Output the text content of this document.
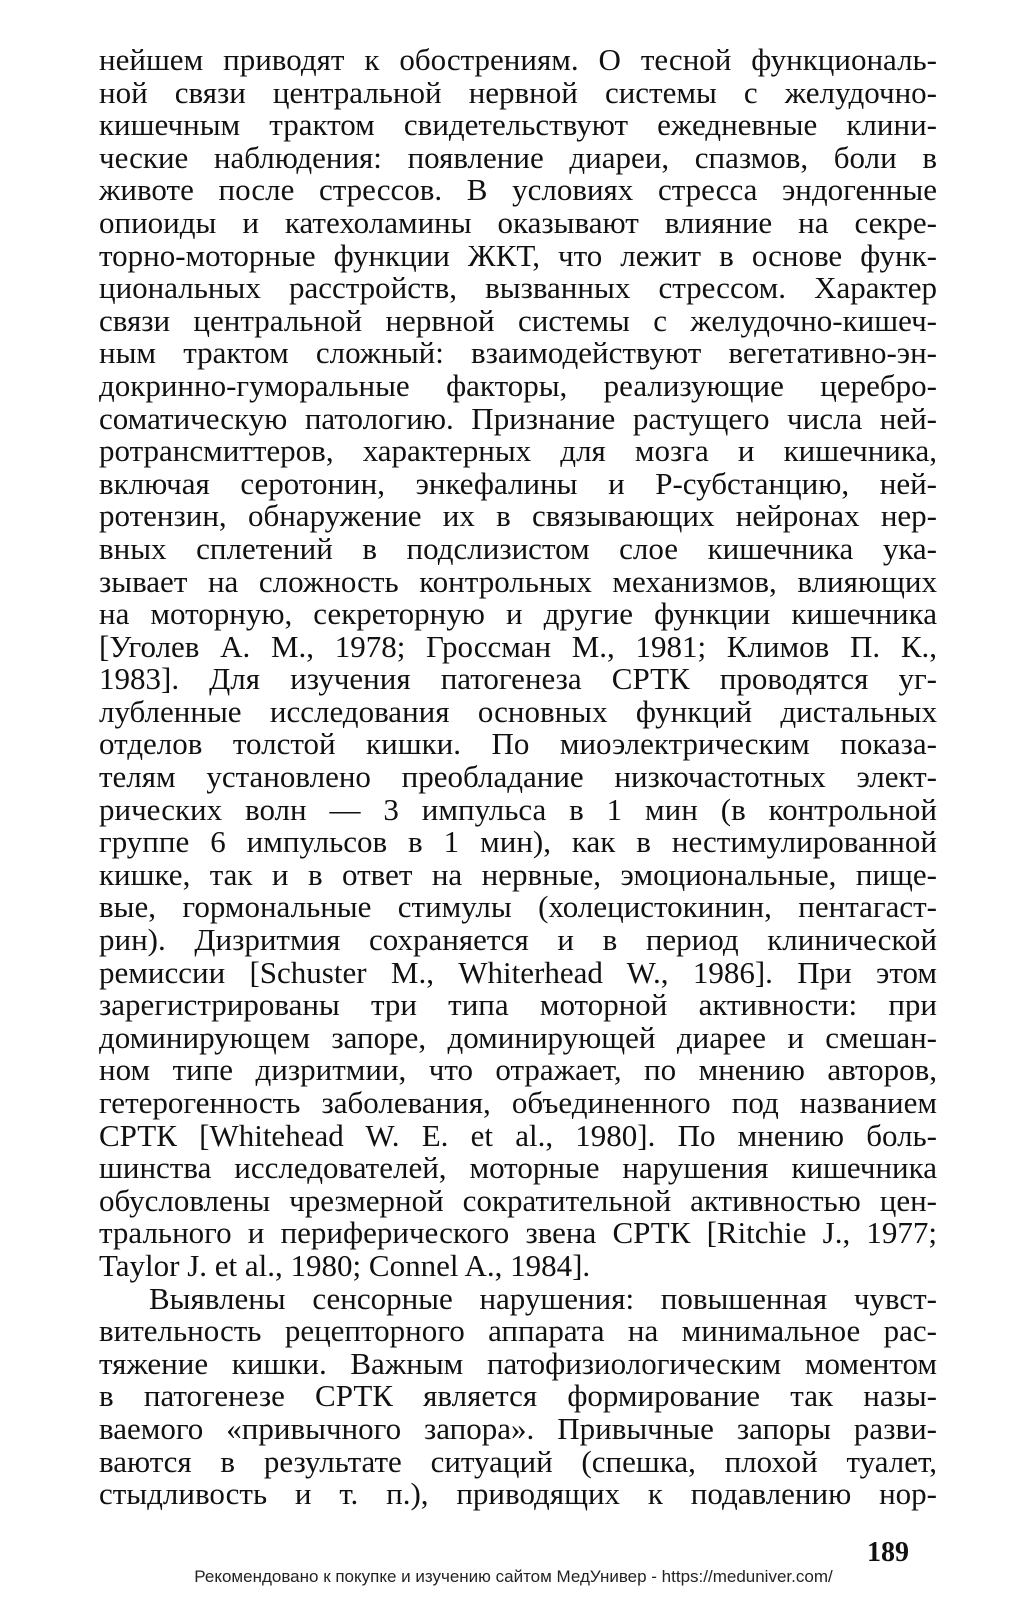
нейшем приводят к обострениям. О тесной функциональ-
ной связи центральной нервной системы с желудочно-
кишечным трактом свидетельствуют ежедневные клини-
ческие наблюдения: появление диареи, спазмов, боли в
животе после стрессов. В условиях стресса эндогенные
опиоиды и катехоламины оказывают влияние на секре-
торно-моторные функции ЖКТ, что лежит в основе функ-
циональных расстройств, вызванных стрессом. Характер
связи центральной нервной системы с желудочно-кишеч-
ным трактом сложный: взаимодействуют вегетативно-эн-
докринно-гуморальные факторы, реализующие церебро-
соматическую патологию. Признание растущего числа ней-
ротрансмиттеров, характерных для мозга и кишечника,
включая серотонин, энкефалины и Р-субстанцию, ней-
ротензин, обнаружение их в связывающих нейронах нер-
вных сплетений в подслизистом слое кишечника ука-
зывает на сложность контрольных механизмов, влияющих
на моторную, секреторную и другие функции кишечника
[Уголев А. М., 1978; Гроссман М., 1981; Климов П. К.,
1983]. Для изучения патогенеза СРТК проводятся уг-
лубленные исследования основных функций дистальных
отделов толстой кишки. По миоэлектрическим показа-
телям установлено преобладание низкочастотных элект-
рических волн — 3 импульса в 1 мин (в контрольной
группе 6 импульсов в 1 мин), как в нестимулированной
кишке, так и в ответ на нервные, эмоциональные, пище-
вые, гормональные стимулы (холецистокинин, пентагаст-
рин). Дизритмия сохраняется и в период клинической
ремиссии [Schuster М., Whiterhead W., 1986]. При этом
зарегистрированы три типа моторной активности: при
доминирующем запоре, доминирующей диарее и смешан-
ном типе дизритмии, что отражает, по мнению авторов,
гетерогенность заболевания, объединенного под названием
СРТК [Whitehead W. Е. et al., 1980]. По мнению боль-
шинства исследователей, моторные нарушения кишечника
обусловлены чрезмерной сократительной активностью цен-
трального и периферического звена СРТК [Ritchie J., 1977;
Taylor J. et al., 1980; Connel A., 1984].
Выявлены сенсорные нарушения: повышенная чувст-
вительность рецепторного аппарата на минимальное рас-
тяжение кишки. Важным патофизиологическим моментом
в патогенезе СРТК является формирование так назы-
ваемого «привычного запора». Привычные запоры разви-
ваются в результате ситуаций (спешка, плохой туалет,
стыдливость и т. п.), приводящих к подавлению нор-
189
Рекомендовано к покупке и изучению сайтом МедУнивер - https://meduniver.com/
